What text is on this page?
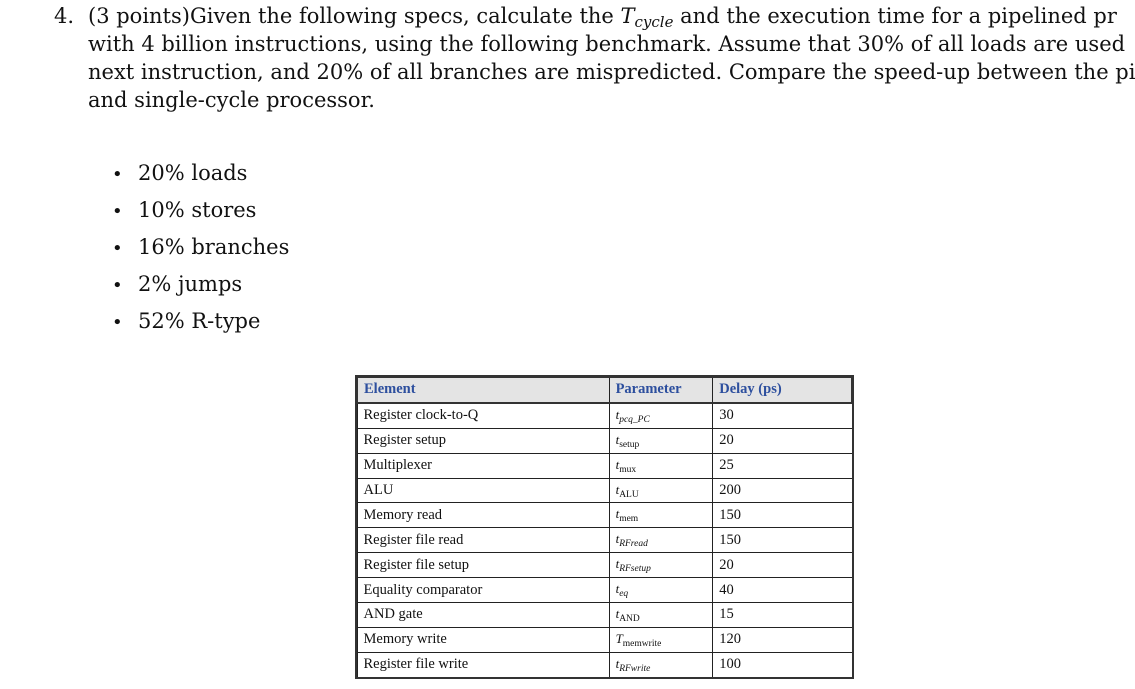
4. (3 points)Given the following specs, calculate the $T_{cycle}$ and the execution time for a pipelined pr
with 4 billion instructions, using the following benchmark. Assume that 30% of all loads are used
next instruction, and 20% of all branches are mispredicted. Compare the speed-up between the pi
and single-cycle processor.
• 20% loads
• 10% stores
• 16% branches
• 2% jumps
• 52% R-type
Element	Parameter	Delay (ps)
Register clock-to-Q	$t_{pcq\_PC}$	30
Register setup	$t_{setup}$	20
Multiplexer	$t_{mux}$	25
ALU	$t_{ALU}$	200
Memory read	$t_{mem}$	150
Register file read	$t_{RFread}$	150
Register file setup	$t_{RFsetup}$	20
Equality comparator	$t_{eq}$	40
AND gate	$t_{AND}$	15
Memory write	$T_{memwrite}$	120
Register file write	$t_{RFwrite}$	100
